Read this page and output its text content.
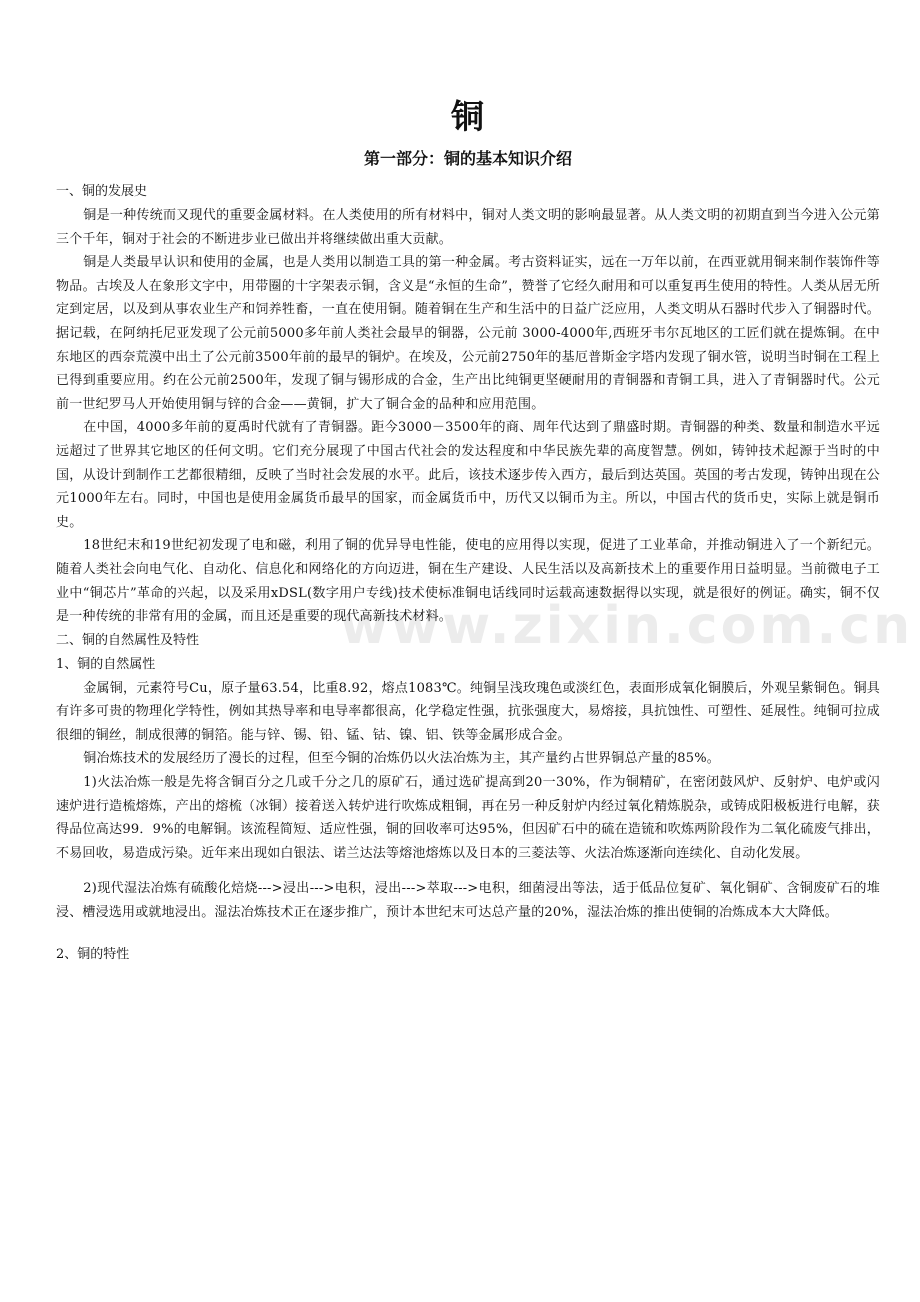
www.zixin.com.cn
铜
第一部分：铜的基本知识介绍

一、铜的发展史

铜是一种传统而又现代的重要金属材料。在人类使用的所有材料中，铜对人类文明的影响最显著。从人类文明的初期直到当今进入公元第三个千年，铜对于社会的不断进步业已做出并将继续做出重大贡献。

铜是人类最早认识和使用的金属，也是人类用以制造工具的第一种金属。考古资料证实，远在一万年以前，在西亚就用铜来制作装饰件等物品。古埃及人在象形文字中，用带圈的十字架表示铜，含义是“永恒的生命”，赞誉了它经久耐用和可以重复再生使用的特性。人类从居无所定到定居，以及到从事农业生产和饲养牲畜，一直在使用铜。随着铜在生产和生活中的日益广泛应用，人类文明从石器时代步入了铜器时代。据记载，在阿纳托尼亚发现了公元前5000多年前人类社会最早的铜器，公元前 3000-4000年,西班牙韦尔瓦地区的工匠们就在提炼铜。在中东地区的西奈荒漠中出土了公元前3500年前的最早的铜炉。在埃及，公元前2750年的基厄普斯金字塔内发现了铜水管，说明当时铜在工程上已得到重要应用。约在公元前2500年，发现了铜与锡形成的合金，生产出比纯铜更坚硬耐用的青铜器和青铜工具，进入了青铜器时代。公元前一世纪罗马人开始使用铜与锌的合金——黄铜，扩大了铜合金的品种和应用范围。

在中国，4000多年前的夏禹时代就有了青铜器。距今3000－3500年的商、周年代达到了鼎盛时期。青铜器的种类、数量和制造水平远远超过了世界其它地区的任何文明。它们充分展现了中国古代社会的发达程度和中华民族先辈的高度智慧。例如，铸钟技术起源于当时的中国，从设计到制作工艺都很精细，反映了当时社会发展的水平。此后，该技术逐步传入西方，最后到达英国。英国的考古发现，铸钟出现在公元1000年左右。同时，中国也是使用金属货币最早的国家，而金属货币中，历代又以铜币为主。所以，中国古代的货币史，实际上就是铜币史。

18世纪末和19世纪初发现了电和磁，利用了铜的优异导电性能，使电的应用得以实现，促进了工业革命，并推动铜进入了一个新纪元。 随着人类社会向电气化、自动化、信息化和网络化的方向迈进，铜在生产建设、人民生活以及高新技术上的重要作用日益明显。当前微电子工业中“铜芯片”革命的兴起，以及采用xDSL(数字用户专线)技术使标准铜电话线同时运载高速数据得以实现，就是很好的例证。确实，铜不仅是一种传统的非常有用的金属，而且还是重要的现代高新技术材料。

二、铜的自然属性及特性

1、铜的自然属性

金属铜，元素符号Cu，原子量63.54，比重8.92，熔点1083℃。纯铜呈浅玫瑰色或淡红色，表面形成氧化铜膜后，外观呈紫铜色。铜具有许多可贵的物理化学特性，例如其热导率和电导率都很高，化学稳定性强，抗张强度大，易熔接，具抗蚀性、可塑性、延展性。纯铜可拉成很细的铜丝，制成很薄的铜箔。能与锌、锡、铅、锰、钴、镍、铝、铁等金属形成合金。

铜冶炼技术的发展经历了漫长的过程，但至今铜的冶炼仍以火法冶炼为主，其产量约占世界铜总产量的85%。

1)火法冶炼一般是先将含铜百分之几或千分之几的原矿石，通过选矿提高到20一30%，作为铜精矿，在密闭鼓风炉、反射炉、电炉或闪速炉进行造梳熔炼，产出的熔梳（冰铜）接着送入转炉进行吹炼成粗铜，再在另一种反射炉内经过氧化精炼脱杂，或铸成阳极板进行电解，获得品位高达99．9%的电解铜。该流程简短、适应性强，铜的回收率可达95%，但因矿石中的硫在造锍和吹炼两阶段作为二氧化硫废气排出，不易回收，易造成污染。近年来出现如白银法、诺兰达法等熔池熔炼以及日本的三菱法等、火法冶炼逐渐向连续化、自动化发展。

2)现代湿法冶炼有硫酸化焙烧--->浸出--->电积，浸出--->萃取--->电积，细菌浸出等法，适于低品位复矿、氧化铜矿、含铜废矿石的堆浸、槽浸选用或就地浸出。湿法冶炼技术正在逐步推广，预计本世纪末可达总产量的20%，湿法冶炼的推出使铜的冶炼成本大大降低。

2、铜的特性
